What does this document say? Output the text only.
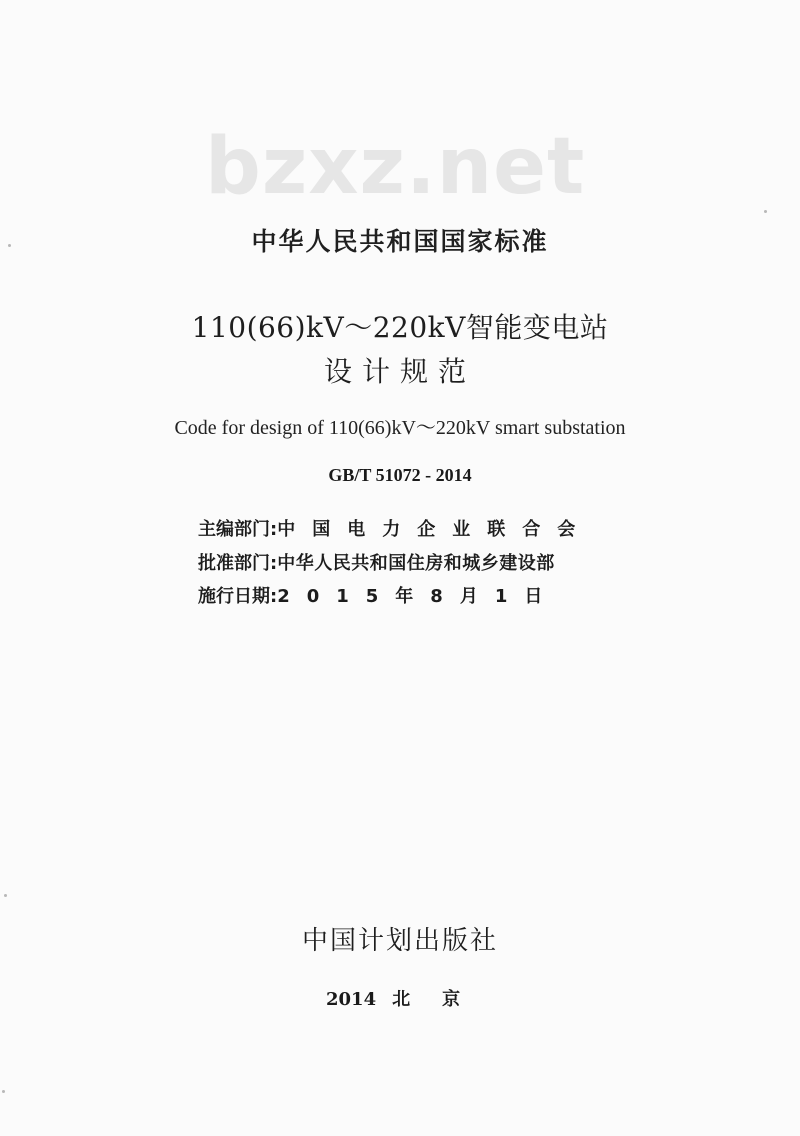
bzxz.net
中华人民共和国国家标准
110(66)kV～220kV智能变电站
设计规范
Code for design of 110(66)kV～220kV smart substation
GB/T 51072 - 2014
主编部门:中国电力企业联合会
批准部门:中华人民共和国住房和城乡建设部
施行日期:2015年8月1日
中国计划出版社
2014 北京
